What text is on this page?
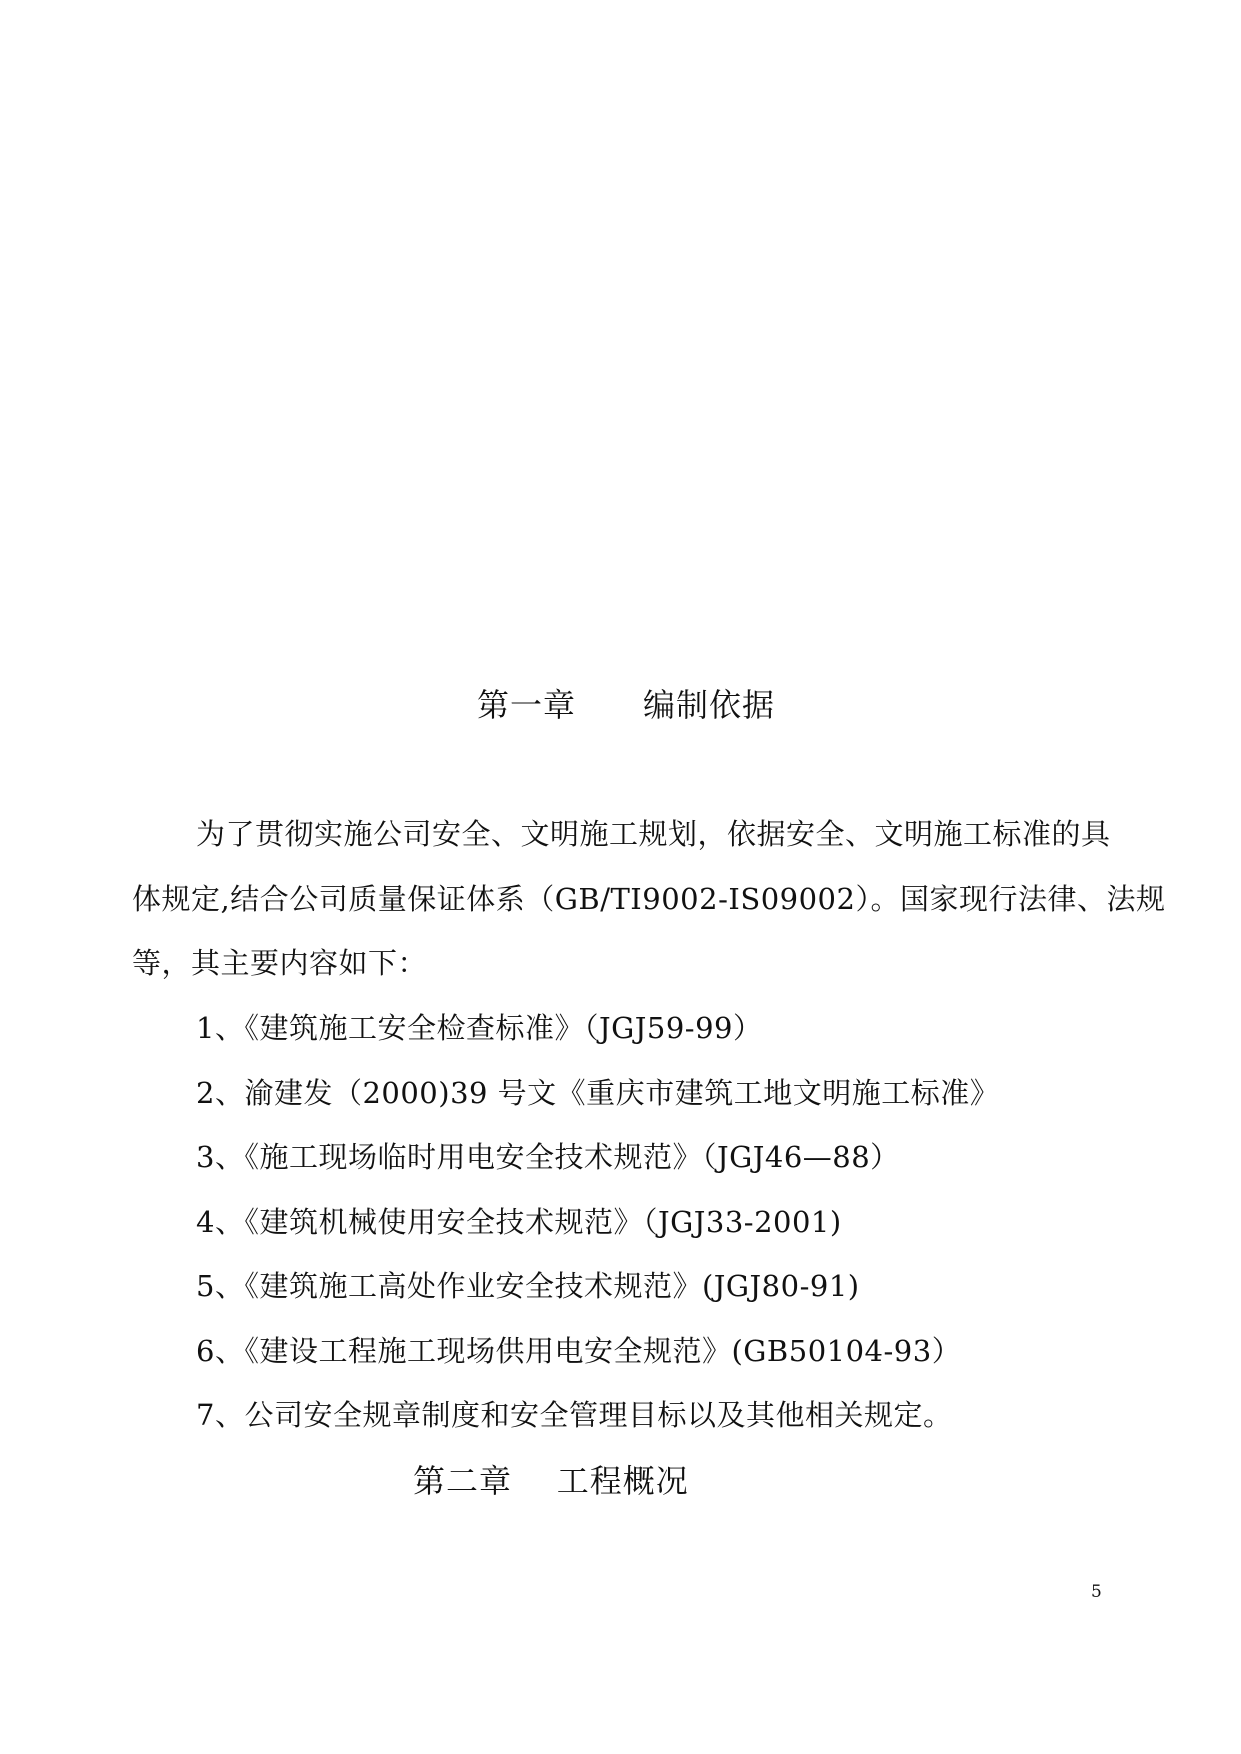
第一章      编制依据
为了贯彻实施公司安全、文明施工规划，依据安全、文明施工标准的具
体规定,结合公司质量保证体系（GB/TI9002-IS09002）。国家现行法律、法规
等，其主要内容如下：
1、《建筑施工安全检查标准》（JGJ59-99）
2、渝建发（2000)39 号文《重庆市建筑工地文明施工标准》
3、《施工现场临时用电安全技术规范》（JGJ46—88）
4、《建筑机械使用安全技术规范》（JGJ33-2001)
5、《建筑施工高处作业安全技术规范》(JGJ80-91)
6、《建设工程施工现场供用电安全规范》(GB50104-93）
7、公司安全规章制度和安全管理目标以及其他相关规定。
第二章    工程概况
5
